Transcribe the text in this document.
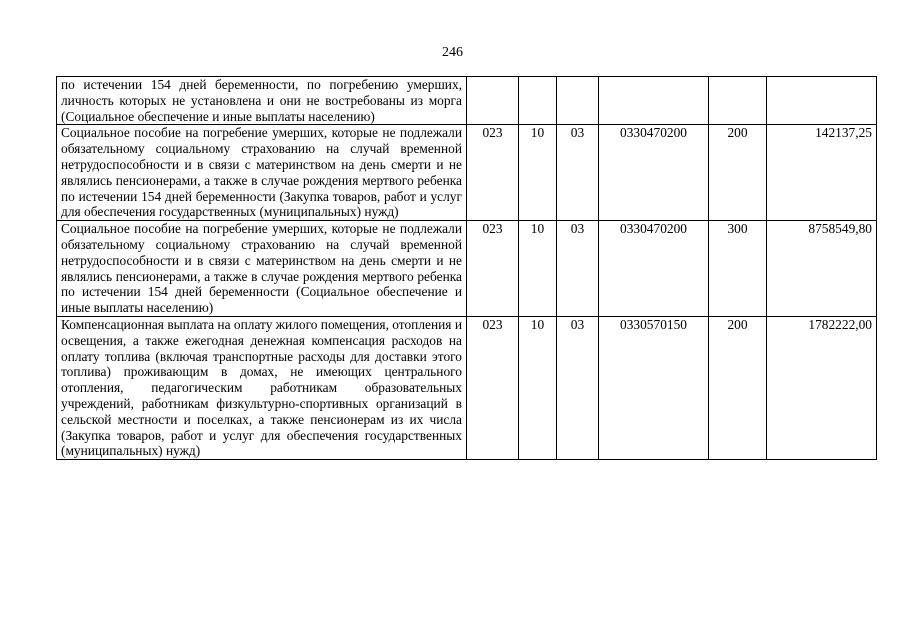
246
по истечении 154 дней беременности, по погребению умерших, личность которых не установлена и они не востребованы из морга (Социальное обеспечение и иные выплаты населению)						
Социальное пособие на погребение умерших, которые не подлежали обязательному социальному страхованию на случай временной нетрудоспособности и в связи с материнством на день смерти и не являлись пенсионерами, а также в случае рождения мертвого ребенка по истечении 154 дней беременности (Закупка товаров, работ и услуг для обеспечения государственных (муниципальных) нужд)	023	10	03	0330470200	200	142137,25
Социальное пособие на погребение умерших, которые не подлежали обязательному социальному страхованию на случай временной нетрудоспособности и в связи с материнством на день смерти и не являлись пенсионерами, а также в случае рождения мертвого ребенка по истечении 154 дней беременности (Социальное обеспечение и иные выплаты населению)	023	10	03	0330470200	300	8758549,80
Компенсационная выплата на оплату жилого помещения, отопления и освещения, а также ежегодная денежная компенсация расходов на оплату топлива (включая транспортные расходы для доставки этого топлива) проживающим в домах, не имеющих центрального отопления, педагогическим работникам образовательных учреждений, работникам физкультурно-спортивных организаций в сельской местности и поселках, а также пенсионерам из их числа (Закупка товаров, работ и услуг для обеспечения государственных (муниципальных) нужд)	023	10	03	0330570150	200	1782222,00
